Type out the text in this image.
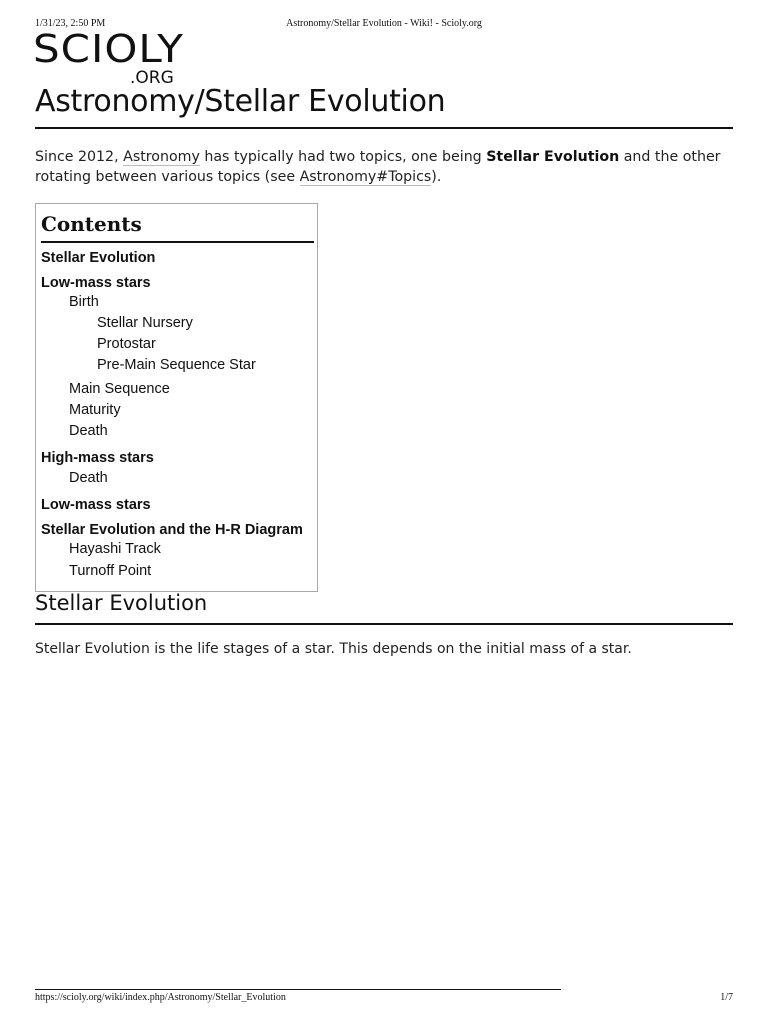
1/31/23, 2:50 PM	Astronomy/Stellar Evolution - Wiki! - Scioly.org
SCIOLY
.ORG
Astronomy/Stellar Evolution

Since 2012, Astronomy has typically had two topics, one being Stellar Evolution and the other rotating between various topics (see Astronomy#Topics).

Contents
Stellar Evolution
Low-mass stars
Birth
Stellar Nursery
Protostar
Pre-Main Sequence Star
Main Sequence
Maturity
Death
High-mass stars
Death
Low-mass stars
Stellar Evolution and the H-R Diagram
Hayashi Track
Turnoff Point
Stellar Evolution

Stellar Evolution is the life stages of a star. This depends on the initial mass of a star.

https://scioly.org/wiki/index.php/Astronomy/Stellar_Evolution	1/7
